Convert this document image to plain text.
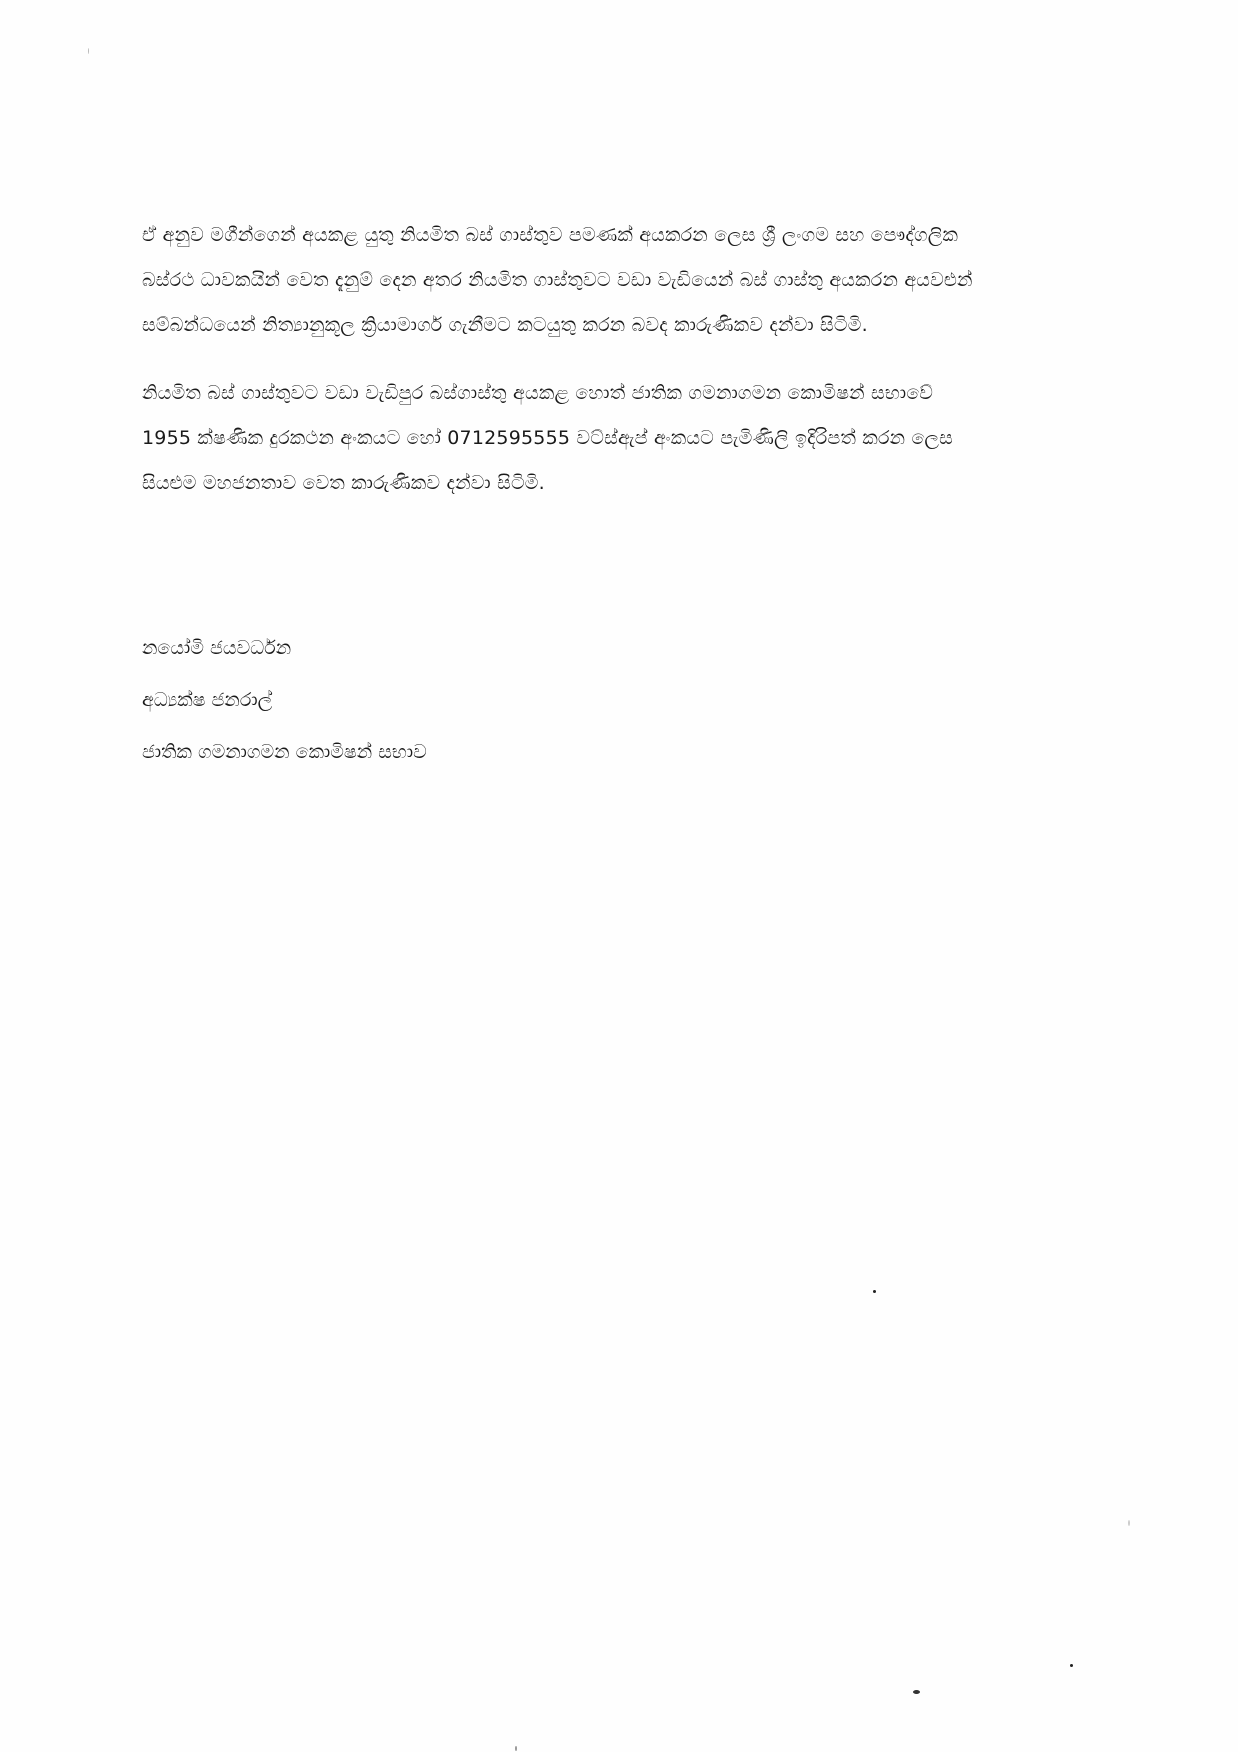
ඒ අනුව මගීන්ගෙන් අයකළ යුතු නියමිත බස් ගාස්තුව පමණක් අයකරන ලෙස ශ්‍රී ලංගම සහ පෞද්ගලික
බස්රථ ධාවකයින් වෙත දැනුම් දෙන අතර නියමිත ගාස්තුවට වඩා වැඩියෙන් බස් ගාස්තු අයකරන අයවළුන්
සම්බන්ධයෙන් නිත්‍යානුකූල ක්‍රියාමාර්ග ගැනීමට කටයුතු කරන බවද කාරුණිකව දන්වා සිටිමි.
නියමිත බස් ගාස්තුවට වඩා වැඩිපුර බස්ගාස්තු අයකළ හොත් ජාතික ගමනාගමන කොමිෂන් සභාවේ
1955 ක්ෂණික දුරකථන අංකයට හෝ 0712595555 වට්ස්ඇප් අංකයට පැමිණිලි ඉදිරිපත් කරන ලෙස
සියළුම මහජනතාව වෙත කාරුණිකව දන්වා සිටිමි.
නයෝමි ජයවර්ධන
අධ්‍යක්ෂ ජනරාල්
ජාතික ගමනාගමන කොමිෂන් සභාව
